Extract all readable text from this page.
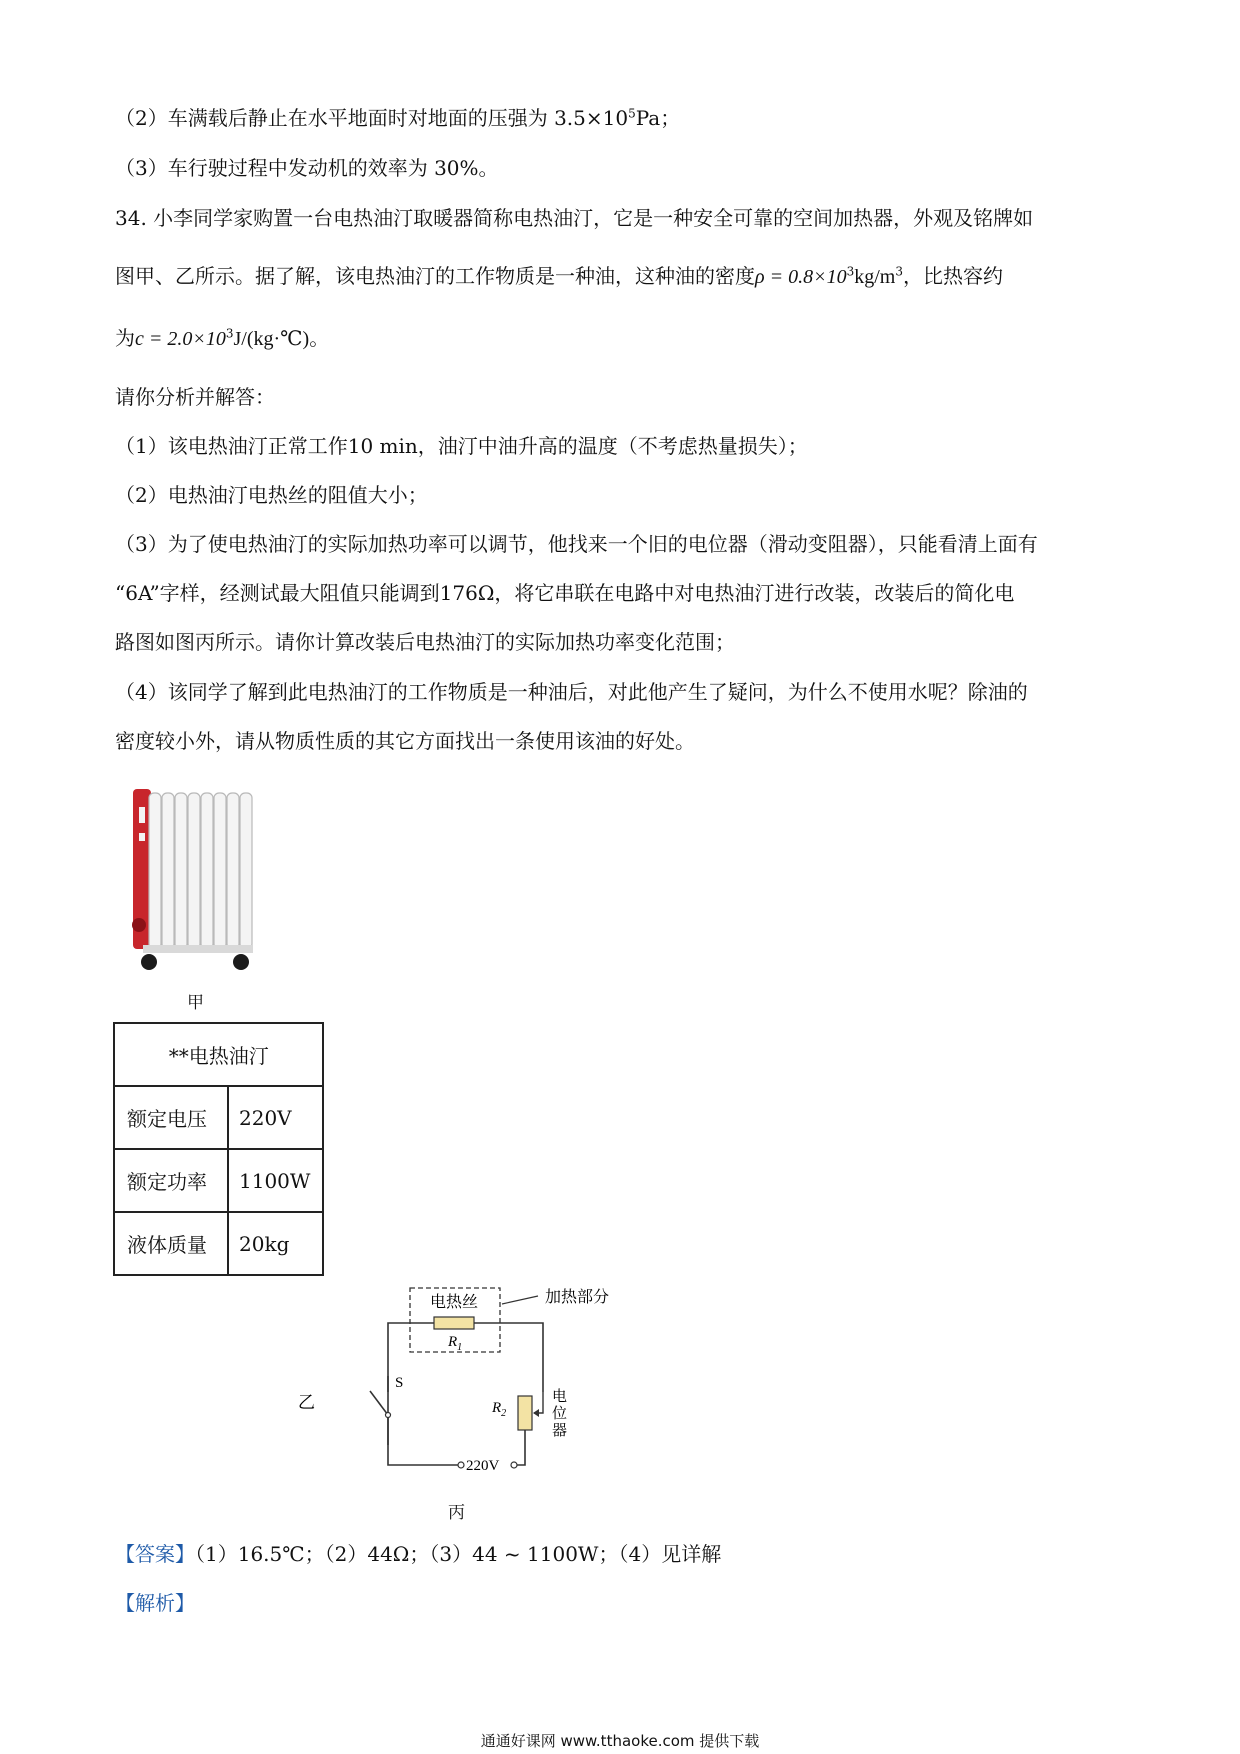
（2）车满载后静止在水平地面时对地面的压强为 $3.5\times 10^5Pa$；
（3）车行驶过程中发动机的效率为 30%。
34. 小李同学家购置一台电热油汀取暖器简称电热油汀，它是一种安全可靠的空间加热器，外观及铭牌如
图甲、乙所示。据了解，该电热油汀的工作物质是一种油，这种油的密度$\rho = 0.8\times 10^3kg/m^3$，比热容约
为$c = 2.0\times 10^3J/(kg\cdot℃)$。
请你分析并解答：
（1）该电热油汀正常工作10 min，油汀中油升高的温度（不考虑热量损失）；
（2）电热油汀电热丝的阻值大小；
（3）为了使电热油汀的实际加热功率可以调节，他找来一个旧的电位器（滑动变阻器），只能看清上面有
“6A”字样，经测试最大阻值只能调到176Ω，将它串联在电路中对电热油汀进行改装，改装后的简化电
路图如图丙所示。请你计算改装后电热油汀的实际加热功率变化范围；
（4）该同学了解到此电热油汀的工作物质是一种油后，对此他产生了疑问，为什么不使用水呢？除油的
密度较小外，请从物质性质的其它方面找出一条使用该油的好处。
甲
**电热油汀	
额定电压	220V
额定功率	1100W
液体质量	20kg
电热丝	加热部分
$R_1$
S
乙
220V
$R_2$
电
位
器
丙
【答案】（1）16.5℃；（2）44Ω；（3）44 ~ 1100W；（4）见详解
【解析】
通通好课网 www.tthaoke.com 提供下载
